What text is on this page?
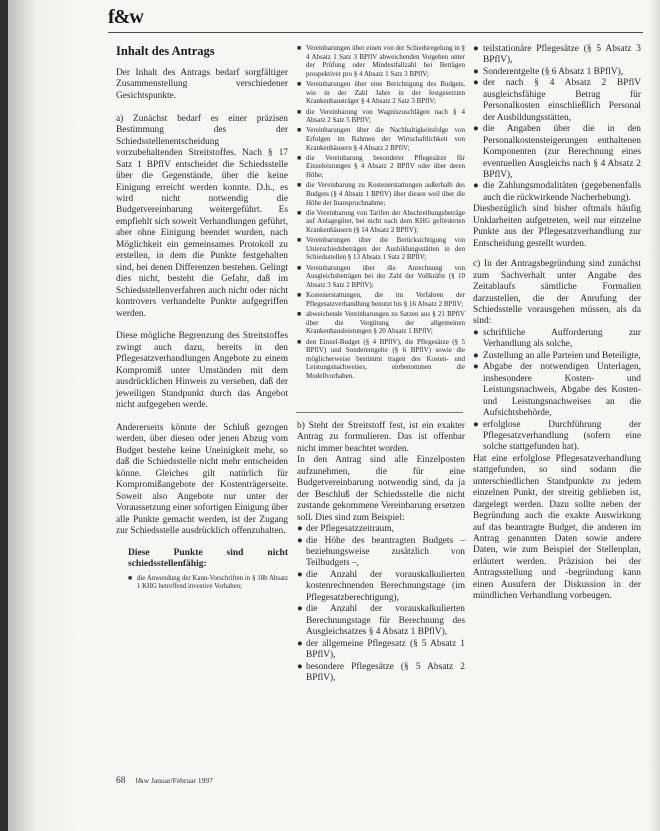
f&w
Inhalt des Antrags

Der Inhalt des Antrags bedarf sorgfältiger Zusammenstellung verschiedener Gesichtspunkte.

a) Zunächst bedarf es einer präzisen Bestimmung des der Schiedsstellenentscheidung vorzubehaltenden Streitstoffes. Nach § 17 Satz 1 BPflV entscheidet die Schiedsstelle über die Gegenstände, über die keine Einigung erreicht werden konnte. D.h., es wird nicht notwendig die Budgetvereinbarung weitergeführt. Es empfiehlt sich soweit Verhandlungen geführt, aber ohne Einigung beendet wurden, nach Möglichkeit ein gemeinsames Protokoll zu erstellen, in dem die Punkte festgehalten sind, bei denen Differenzen bestehen. Gelingt dies nicht, besteht die Gefahr, daß im Schiedsstellenverfahren auch nicht oder nicht kontrovers verhandelte Punkte aufgegriffen werden.

Diese mögliche Begrenzung des Streitstoffes zwingt auch dazu, bereits in den Pflegesatzverhandlungen Angebote zu einem Kompromiß unter Umständen mit dem ausdrücklichen Hinweis zu versehen, daß der jeweiligen Standpunkt durch das Angebot nicht aufgegeben werde.

Andererseits könnte der Schluß gezogen werden, über diesen oder jenen Abzug vom Budget bestehe keine Uneinigkeit mehr, so daß die Schiedsstelle nicht mehr entscheiden könne. Gleiches gilt natürlich für Kompromißangebote der Kostenträgerseite. Soweit also Angebote nur unter der Voraussetzung einer sofortigen Einigung über alle Punkte gemacht werden, ist der Zugang zur Schiedsstelle ausdrücklich offenzuhalten.

Diese Punkte sind nicht schiedsstellenfähig:
■ die Anwendung der Kann-Vorschriften in § 18b Absatz 1 KHG betreffend investive Vorhaben;
■ Vereinbarungen über einen von der Schiedsregelung in § 4 Absatz 1 Satz 3 BPflV abweichenden Vorgehen unter der Prüfung oder Mindestfallzahl bei Beträgen prospektiver pro § 4 Absatz 1 Satz 3 BPflV;
■ Vereinbarungen über eine Berichtigung des Budgets, wie in der Zahl Jahre in der festgesetzten Krankenhausträger § 4 Absatz 2 Satz 3 BPflV;
■ die Vereinbarung von Wagniszuschlägen nach § 4 Absatz 2 Satz 5 BPflV;
■ Vereinbarungen über die Nachhaltigkeitsfolge von Erfolgen im Rahmen der Wirtschaftlichkeit von Krankenhäusern § 4 Absatz 2 BPflV;
■ die Vereinbarung besonderer Pflegesätze für Einzeleistungen § 4 Absatz 2 BPflV oder über deren Höhe;
■ die Vereinbarung zu Kostenerstattungen außerhalb des Budgets (§ 4 Absatz 1 BPflV) über diesen weil über die Höhe der Inanspruchnahme;
■ die Vereinbarung von Tarifen der Abschreibungsbeträge auf Anlagegüter, bei nicht nach dem KHG geförderten Krankenhäusern (§ 14 Absatz 2 BPflV);
■ Vereinbarungen über die Berücksichtigung von Unterschiedsbeträgen der Ausbildungsstätten in den Schiedsstellen § 13 Absatz 1 Satz 2 BPflV;
■ Vereinbarungen über die Anrechnung von Ausgleichsbeträgen bei der Zahl der Vollkräfte (§ 10 Absatz 3 Satz 2 BPflV);
■ Kostenerstattungen, die im Verfahren der Pflegesatzverhandlung benutzt bis § 16 Absatz 2 BPflV;
■ abweichende Vereinbarungen zu Satzen aus § 21 BPflV über die Vergütung der allgemeinen Krankenhausleistungen § 20 Absatz 1 BPflV;
■ den Einzel-Budget (§ 4 BPflV), die Pflegesätze (§ 5 BPflV) und Sonderentgelte (§ 6 BPflV) sowie die möglicherweise bestimmt tragen des Kosten- und Leistungsnachweises, einbenommen die Modellvorhaben.

b) Steht der Streitstoff fest, ist ein exakter Antrag zu formulieren. Das ist offenbar nicht immer beachtet worden.

In den Antrag sind alle Einzelposten aufzunehmen, die für eine Budgetvereinbarung notwendig sind, da ja der Beschluß der Schiedsstelle die nicht zustande gekommene Vereinbarung ersetzen soll. Dies sind zum Beispiel:

● der Pflegesatzzeitraum,
● die Höhe des beantragten Budgets – beziehungsweise zusätzlich von Teilbudgets –,
● die Anzahl der vorauskalkulierten kostenrechnenden Berechnungstage (im Pflegesatzberechtigung),
● die Anzahl der vorauskalkulierten Berechnungstage für Berechnung des Ausgleichsatzes § 4 Absatz 1 BPflV),
● der allgemeine Pflegesatz (§ 5 Absatz 1 BPflV),
● besondere Pflegesätze (§ 5 Absatz 2 BPflV),
● teilstationäre Pflegesätze (§ 5 Absatz 3 BPflV),
● Sonderentgelte (§ 6 Absatz 1 BPflV),
● der nach § 4 Absatz 2 BPflV ausgleichsfähige Betrag für Personalkosten einschließlich Personal der Ausbildungsstätten,
● die Angaben über die in den Personalkostensteigerungen enthaltenen Komponenten (zur Berechnung eines eventuellen Ausgleichs nach § 4 Absatz 2 BPflV),
● die Zahlungsmodalitäten (gegebenenfalls auch die rückwirkende Nacherhebung).

Diesbezüglich sind bisher oftmals häufig Unklarheiten aufgetreten, weil nur einzelne Punkte aus der Pflegesatzverhandlung zur Entscheidung gestellt wurden.

c) In der Antragsbegründung sind zunächst zum Sachverhalt unter Angabe des Zeitablaufs sämtliche Formalien darzustellen, die der Anrufung der Schiedsstelle vorausgehen müssen, als da sind:

● schriftliche Aufforderung zur Verhandlung als solche,
● Zustellung an alle Parteien und Beteiligte,
● Abgabe der notwendigen Unterlagen, insbesondere Kosten- und Leistungsnachweis, Abgabe des Kosten- und Leistungsnachweises an die Aufsichtsbehörde,
● erfolglose Durchführung der Pflegesatzverhandlung (sofern eine solche stattgefunden hat).

Hat eine erfolglose Pflegesatzverhandlung stattgefunden, so sind sodann die unterschiedlichen Standpunkte zu jedem einzelnen Punkt, der streitig geblieben ist, dargelegt werden. Dazu sollte neben der Begründung auch die exakte Auswirkung auf das beantragte Budget, die anderen im Antrag genannten Daten sowie andere Daten, wie zum Beispiel der Stellenplan, erläutert werden. Präzision bei der Antragsstellung und -begründung kann einen Ausufern der Diskussion in der mündlichen Verhandlung vorbeugen.

68 f&w Januar/Februar 1997
